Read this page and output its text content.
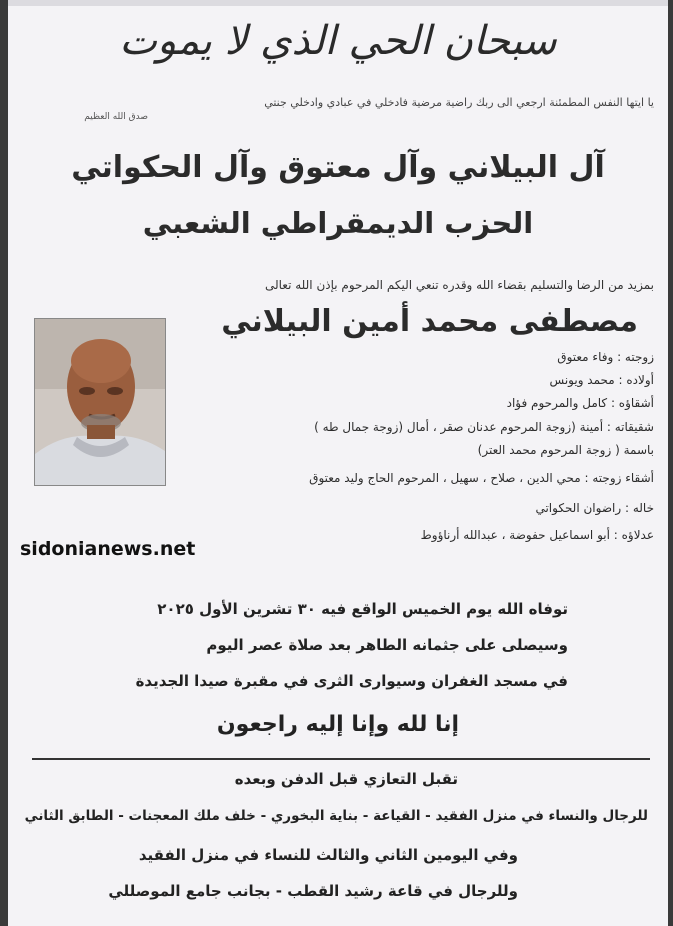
سبحان الحي الذي لا يموت
يا ايتها النفس المطمئنة ارجعي الى ربك راضية مرضية فادخلي في عبادي وادخلي جنتي
صدق الله العظيم
آل البيلاني وآل معتوق وآل الحكواتي
الحزب الديمقراطي الشعبي
بمزيد من الرضا والتسليم بقضاء الله وقدره تنعي اليكم المرحوم بإذن الله تعالى
مصطفى محمد أمين البيلاني
زوجته : وفاء معتوق
أولاده : محمد ويونس
أشقاؤه : كامل والمرحوم فؤاد
شقيقاته : أمينة (زوجة المرحوم عدنان صقر ، أمال (زوجة جمال طه )
باسمة ( زوجة المرحوم محمد العتر)
أشقاء زوجته : محي الدين ، صلاح ، سهيل ، المرحوم الحاج وليد معتوق
خاله : راضوان الحكواتي
عدلاؤه : أبو اسماعيل حفوضة ، عبدالله أرناؤوط
sidonianews.net
توفاه الله يوم الخميس الواقع فيه ٣٠ تشرين الأول ٢٠٢٥
وسيصلى على جثمانه الطاهر بعد صلاة عصر اليوم
في مسجد الغفران وسيوارى الثرى في مقبرة صيدا الجديدة
إنا لله وإنا إليه راجعون
تقبل التعازي قبل الدفن وبعده
للرجال والنساء في منزل الفقيد - القياعة - بناية البخوري - خلف ملك المعجنات - الطابق الثاني
وفي اليومين الثاني والثالث للنساء في منزل الفقيد
وللرجال في قاعة رشيد القطب - بجانب جامع الموصللي
